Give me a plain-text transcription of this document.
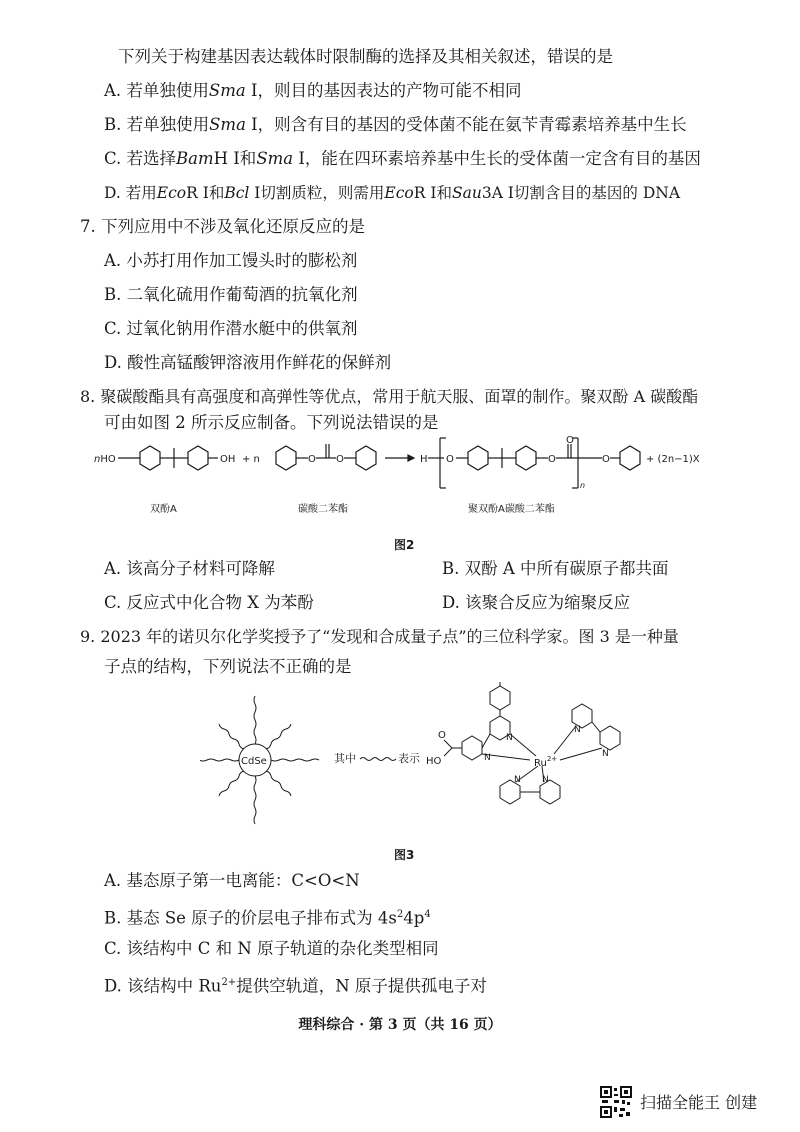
下列关于构建基因表达载体时限制酶的选择及其相关叙述，错误的是
A. 若单独使用Sma Ⅰ，则目的基因表达的产物可能不相同
B. 若单独使用Sma Ⅰ，则含有目的基因的受体菌不能在氨苄青霉素培养基中生长
C. 若选择BamH Ⅰ和Sma Ⅰ，能在四环素培养基中生长的受体菌一定含有目的基因
D. 若用EcoR Ⅰ和Bcl Ⅰ切割质粒，则需用EcoR Ⅰ和Sau3A Ⅰ切割含目的基因的 DNA
7. 下列应用中不涉及氧化还原反应的是
A. 小苏打用作加工馒头时的膨松剂
B. 二氧化硫用作葡萄酒的抗氧化剂
C. 过氧化钠用作潜水艇中的供氧剂
D. 酸性高锰酸钾溶液用作鲜花的保鲜剂
8. 聚碳酸酯具有高强度和高弹性等优点，常用于航天服、面罩的制作。聚双酚 A 碳酸酯
可由如图 2 所示反应制备。下列说法错误的是
nHO	OH + n	O O	H O	O
O
n
O	+ (2n−1)X
双酚A	碳酸二苯酯	聚双酚A碳酸二苯酯
图2
A. 该高分子材料可降解	B. 双酚 A 中所有碳原子都共面
C. 反应式中化合物 X 为苯酚	D. 该聚合反应为缩聚反应
9. 2023 年的诺贝尔化学奖授予了“发现和合成量子点”的三位科学家。图 3 是一种量
子点的结构，下列说法不正确的是
CdSe	其中	表示	$Ru^{2+}$
N
N
N
N
N N
O
HO
图3
A. 基态原子第一电离能：C<O<N
B. 基态 Se 原子的价层电子排布式为 $4s^24p^4$
C. 该结构中 C 和 N 原子轨道的杂化类型相同
D. 该结构中 $Ru^{2+}$提供空轨道，N 原子提供孤电子对
理科综合 · 第 3 页（共 16 页）
扫描全能王 创建
